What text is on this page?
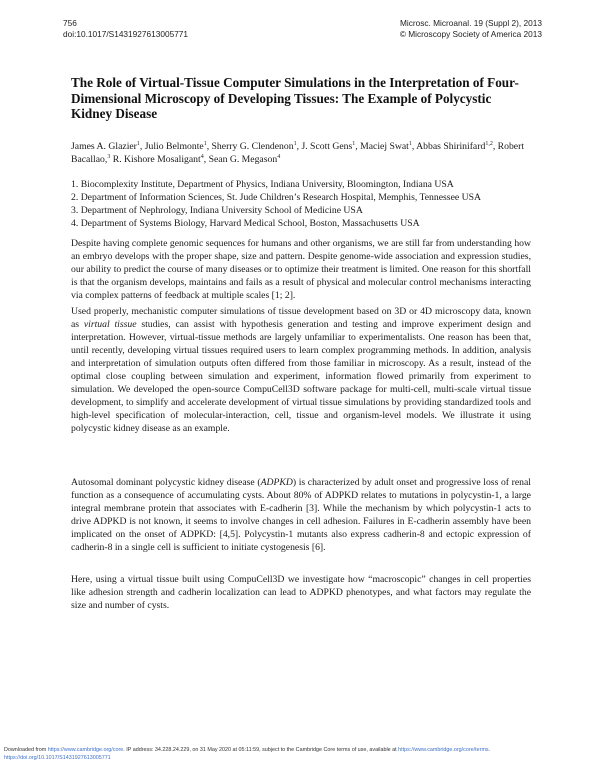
756
doi:10.1017/S1431927613005771
Microsc. Microanal. 19 (Suppl 2), 2013
© Microscopy Society of America 2013
The Role of Virtual-Tissue Computer Simulations in the Interpretation of Four-Dimensional Microscopy of Developing Tissues: The Example of Polycystic Kidney Disease
James A. Glazier$^1$, Julio Belmonte$^1$, Sherry G. Clendenon$^1$, J. Scott Gens$^1$, Maciej Swat$^1$, Abbas Shirinifard$^{1,2}$, Robert Bacallao,$^3$ R. Kishore Mosaligant$^4$, Sean G. Megason$^4$
1. Biocomplexity Institute, Department of Physics, Indiana University, Bloomington, Indiana USA
2. Department of Information Sciences, St. Jude Children’s Research Hospital, Memphis, Tennessee USA
3. Department of Nephrology, Indiana University School of Medicine USA
4. Department of Systems Biology, Harvard Medical School, Boston, Massachusetts USA

Despite having complete genomic sequences for humans and other organisms, we are still far from understanding how an embryo develops with the proper shape, size and pattern. Despite genome-wide association and expression studies, our ability to predict the course of many diseases or to optimize their treatment is limited. One reason for this shortfall is that the organism develops, maintains and fails as a result of physical and molecular control mechanisms interacting via complex patterns of feedback at multiple scales [1; 2].

Used properly, mechanistic computer simulations of tissue development based on 3D or 4D microscopy data, known as virtual tissue studies, can assist with hypothesis generation and testing and improve experiment design and interpretation. However, virtual-tissue methods are largely unfamiliar to experimentalists. One reason has been that, until recently, developing virtual tissues required users to learn complex programming methods. In addition, analysis and interpretation of simulation outputs often differed from those familiar in microscopy. As a result, instead of the optimal close coupling between simulation and experiment, information flowed primarily from experiment to simulation. We developed the open-source CompuCell3D software package for multi-cell, multi-scale virtual tissue development, to simplify and accelerate development of virtual tissue simulations by providing standardized tools and high-level specification of molecular-interaction, cell, tissue and organism-level models. We illustrate it using polycystic kidney disease as an example.

Autosomal dominant polycystic kidney disease (ADPKD) is characterized by adult onset and progressive loss of renal function as a consequence of accumulating cysts. About 80% of ADPKD relates to mutations in polycystin-1, a large integral membrane protein that associates with E-cadherin [3]. While the mechanism by which polycystin-1 acts to drive ADPKD is not known, it seems to involve changes in cell adhesion. Failures in E-cadherin assembly have been implicated on the onset of ADPKD: [4,5]. Polycystin-1 mutants also express cadherin-8 and ectopic expression of cadherin-8 in a single cell is sufficient to initiate cystogenesis [6].

Here, using a virtual tissue built using CompuCell3D we investigate how “macroscopic” changes in cell properties like adhesion strength and cadherin localization can lead to ADPKD phenotypes, and what factors may regulate the size and number of cysts.

Downloaded from https://www.cambridge.org/core. IP address: 34.228.24.229, on 31 May 2020 at 05:11:59, subject to the Cambridge Core terms of use, available at https://www.cambridge.org/core/terms.
https://doi.org/10.1017/S1431927613005771
